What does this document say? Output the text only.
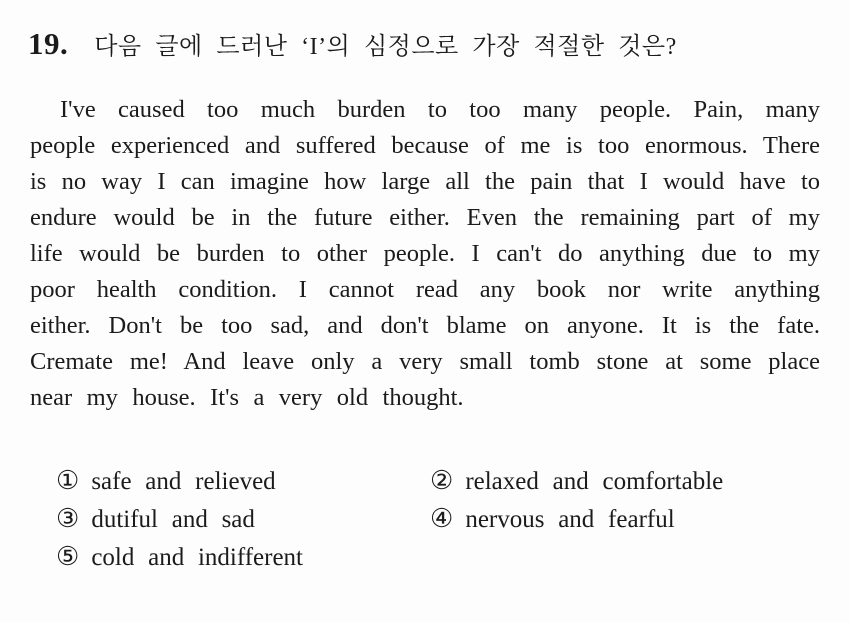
19. 다음 글에 드러난 ‘I’의 심정으로 가장 적절한 것은?
I've caused too much burden to too many people. Pain, many people experienced and suffered because of me is too enormous. There is no way I can imagine how large all the pain that I would have to endure would be in the future either. Even the remaining part of my life would be burden to other people. I can't do anything due to my poor health condition. I cannot read any book nor write anything either. Don't be too sad, and don't blame on anyone. It is the fate. Cremate me! And leave only a very small tomb stone at some place near my house. It's a very old thought.
① safe and relieved	② relaxed and comfortable
③ dutiful and sad	④ nervous and fearful
⑤ cold and indifferent
